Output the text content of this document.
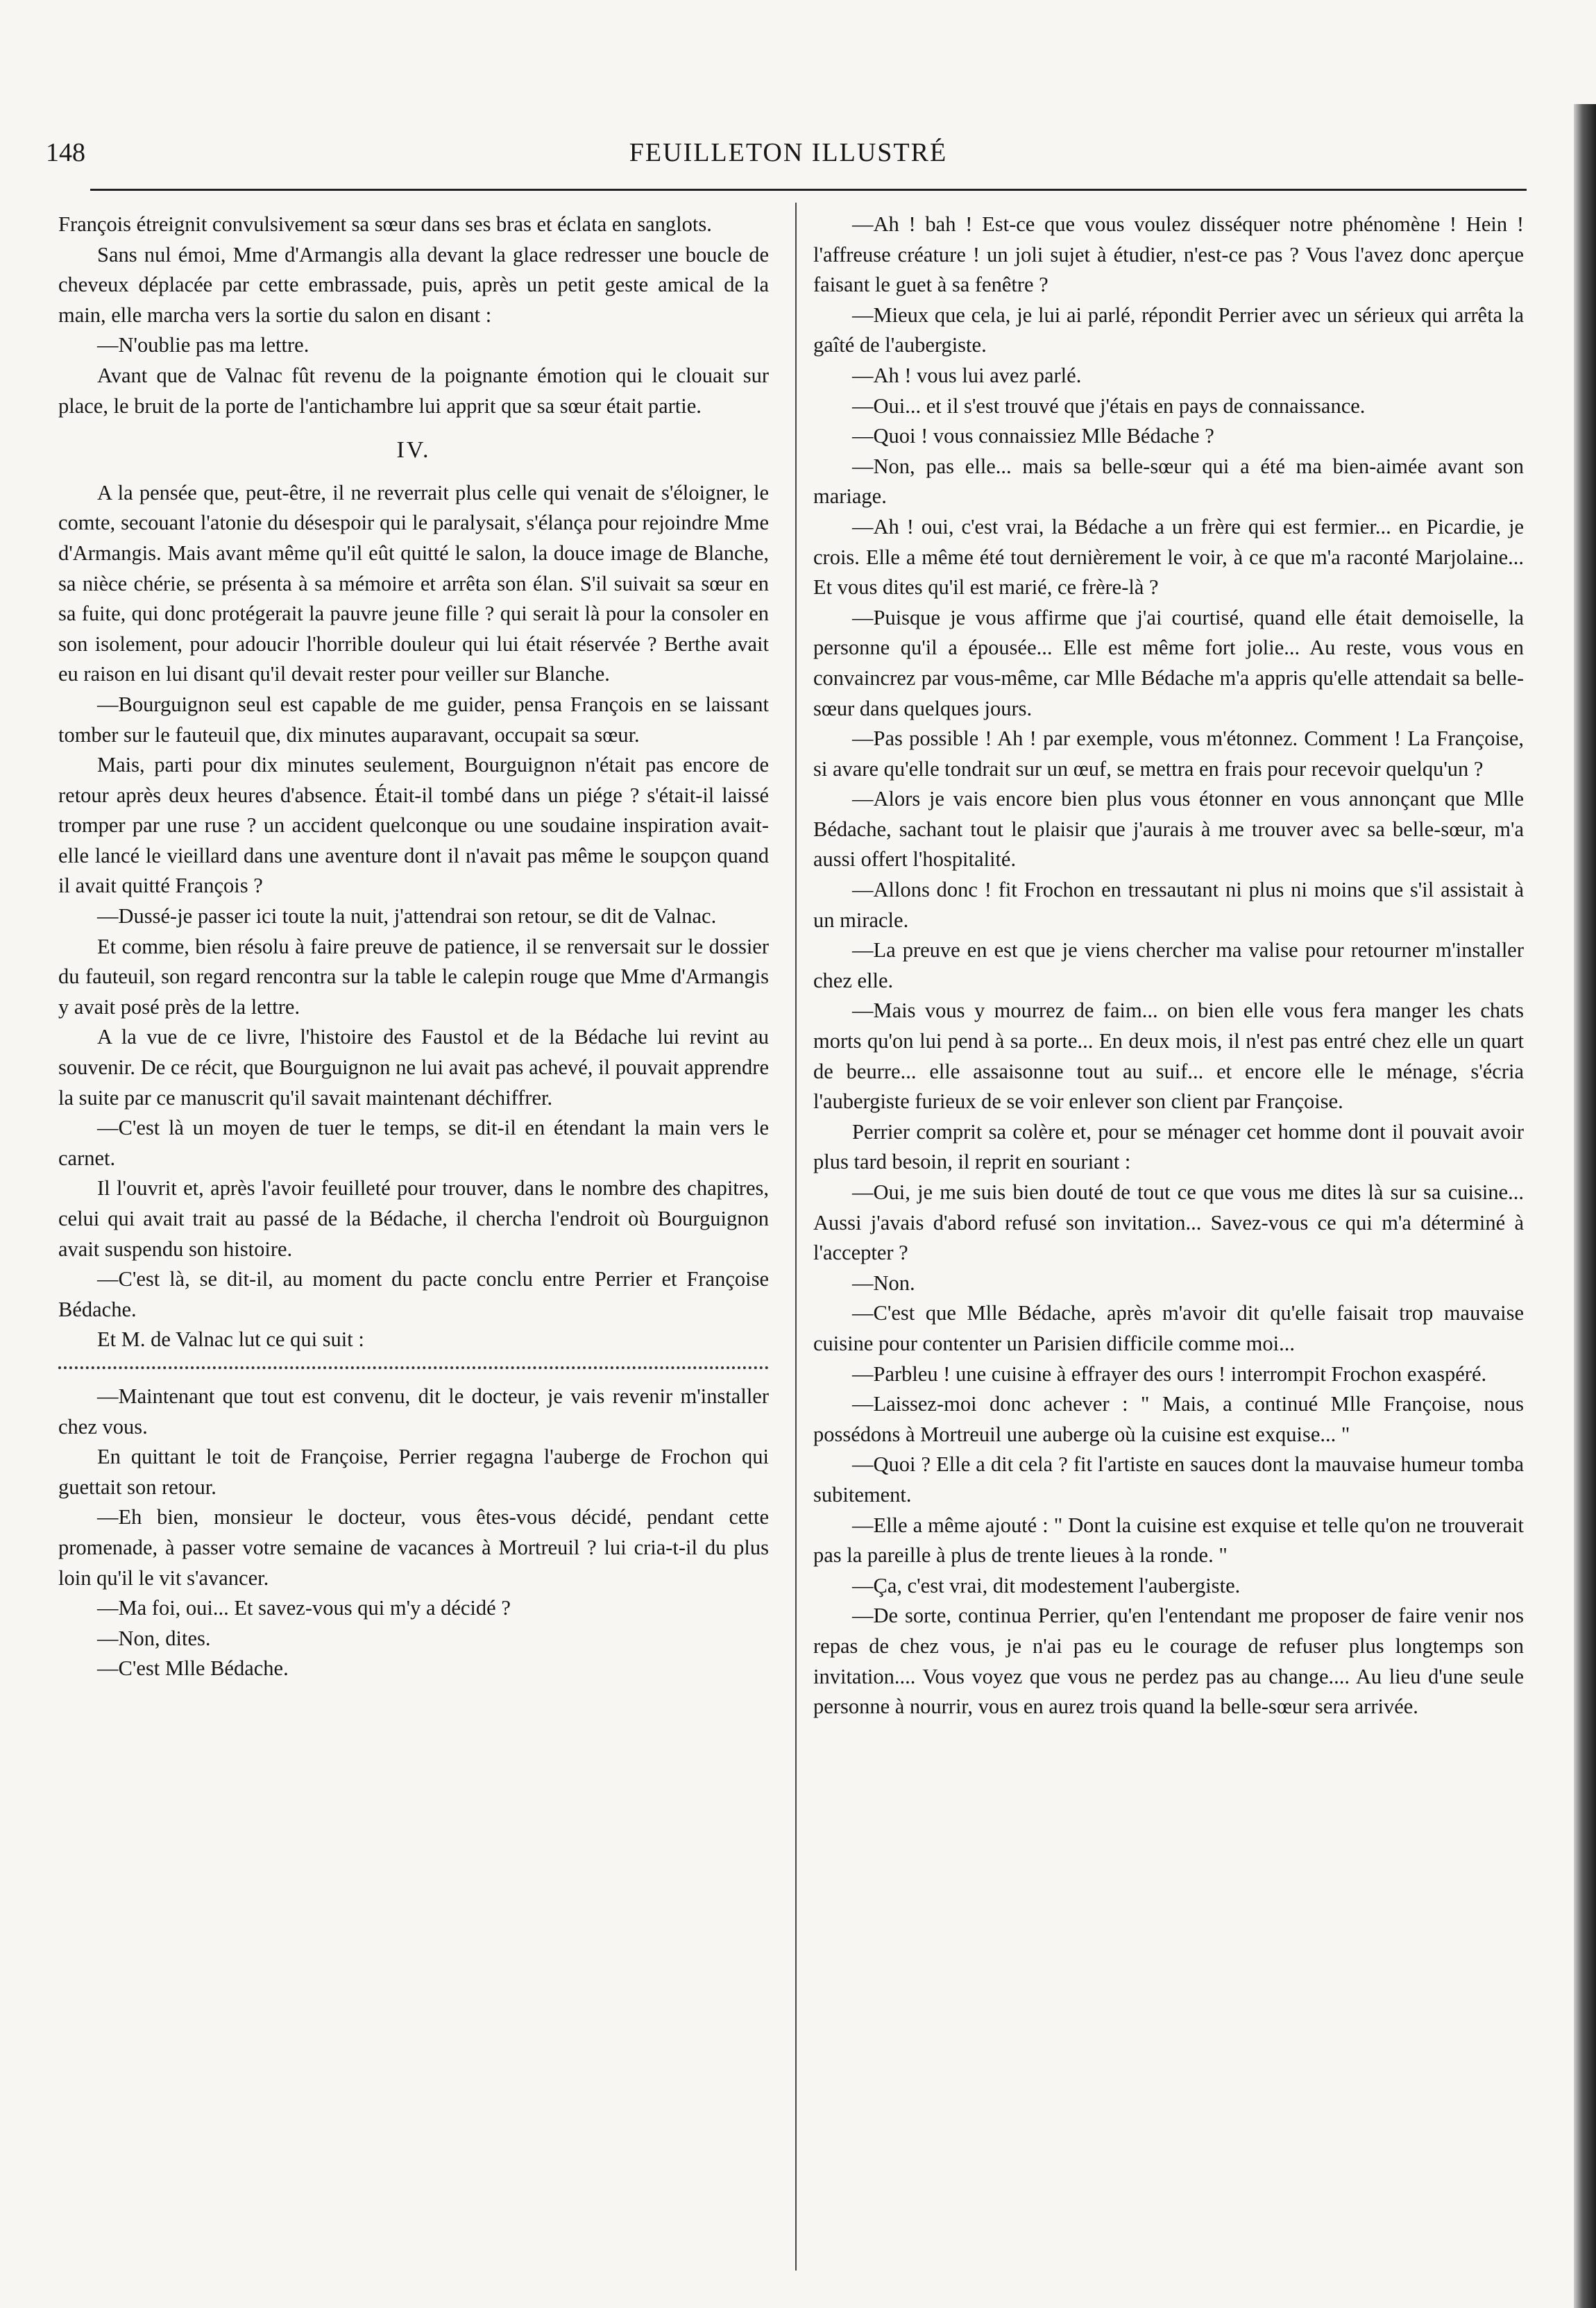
148	FEUILLETON ILLUSTRÉ

François étreignit convulsivement sa sœur dans ses bras et éclata en sanglots.

Sans nul émoi, Mme d'Armangis alla devant la glace redresser une boucle de cheveux déplacée par cette embrassade, puis, après un petit geste amical de la main, elle marcha vers la sortie du salon en disant :

—N'oublie pas ma lettre.

Avant que de Valnac fût revenu de la poignante émotion qui le clouait sur place, le bruit de la porte de l'antichambre lui apprit que sa sœur était partie.

IV.

A la pensée que, peut-être, il ne reverrait plus celle qui venait de s'éloigner, le comte, secouant l'atonie du désespoir qui le paralysait, s'élança pour rejoindre Mme d'Armangis. Mais avant même qu'il eût quitté le salon, la douce image de Blanche, sa nièce chérie, se présenta à sa mémoire et arrêta son élan. S'il suivait sa sœur en sa fuite, qui donc protégerait la pauvre jeune fille ? qui serait là pour la consoler en son isolement, pour adoucir l'horrible douleur qui lui était réservée ? Berthe avait eu raison en lui disant qu'il devait rester pour veiller sur Blanche.

—Bourguignon seul est capable de me guider, pensa François en se laissant tomber sur le fauteuil que, dix minutes auparavant, occupait sa sœur.

Mais, parti pour dix minutes seulement, Bourguignon n'était pas encore de retour après deux heures d'absence. Était-il tombé dans un piége ? s'était-il laissé tromper par une ruse ? un accident quelconque ou une soudaine inspiration avait-elle lancé le vieillard dans une aventure dont il n'avait pas même le soupçon quand il avait quitté François ?

—Dussé-je passer ici toute la nuit, j'attendrai son retour, se dit de Valnac.

Et comme, bien résolu à faire preuve de patience, il se renversait sur le dossier du fauteuil, son regard rencontra sur la table le calepin rouge que Mme d'Armangis y avait posé près de la lettre.

A la vue de ce livre, l'histoire des Faustol et de la Bédache lui revint au souvenir. De ce récit, que Bourguignon ne lui avait pas achevé, il pouvait apprendre la suite par ce manuscrit qu'il savait maintenant déchiffrer.

—C'est là un moyen de tuer le temps, se dit-il en étendant la main vers le carnet.

Il l'ouvrit et, après l'avoir feuilleté pour trouver, dans le nombre des chapitres, celui qui avait trait au passé de la Bédache, il chercha l'endroit où Bourguignon avait suspendu son histoire.

—C'est là, se dit-il, au moment du pacte conclu entre Perrier et Françoise Bédache.

Et M. de Valnac lut ce qui suit :

—Maintenant que tout est convenu, dit le docteur, je vais revenir m'installer chez vous.

En quittant le toit de Françoise, Perrier regagna l'auberge de Frochon qui guettait son retour.

—Eh bien, monsieur le docteur, vous êtes-vous décidé, pendant cette promenade, à passer votre semaine de vacances à Mortreuil ? lui cria-t-il du plus loin qu'il le vit s'avancer.

—Ma foi, oui... Et savez-vous qui m'y a décidé ?

—Non, dites.

—C'est Mlle Bédache.

—Ah ! bah ! Est-ce que vous voulez disséquer notre phénomène ! Hein ! l'affreuse créature ! un joli sujet à étudier, n'est-ce pas ? Vous l'avez donc aperçue faisant le guet à sa fenêtre ?

—Mieux que cela, je lui ai parlé, répondit Perrier avec un sérieux qui arrêta la gaîté de l'aubergiste.

—Ah ! vous lui avez parlé.

—Oui... et il s'est trouvé que j'étais en pays de connaissance.

—Quoi ! vous connaissiez Mlle Bédache ?

—Non, pas elle... mais sa belle-sœur qui a été ma bien-aimée avant son mariage.

—Ah ! oui, c'est vrai, la Bédache a un frère qui est fermier... en Picardie, je crois. Elle a même été tout dernièrement le voir, à ce que m'a raconté Marjolaine... Et vous dites qu'il est marié, ce frère-là ?

—Puisque je vous affirme que j'ai courtisé, quand elle était demoiselle, la personne qu'il a épousée... Elle est même fort jolie... Au reste, vous vous en convaincrez par vous-même, car Mlle Bédache m'a appris qu'elle attendait sa belle-sœur dans quelques jours.

—Pas possible ! Ah ! par exemple, vous m'étonnez. Comment ! La Françoise, si avare qu'elle tondrait sur un œuf, se mettra en frais pour recevoir quelqu'un ?

—Alors je vais encore bien plus vous étonner en vous annonçant que Mlle Bédache, sachant tout le plaisir que j'aurais à me trouver avec sa belle-sœur, m'a aussi offert l'hospitalité.

—Allons donc ! fit Frochon en tressautant ni plus ni moins que s'il assistait à un miracle.

—La preuve en est que je viens chercher ma valise pour retourner m'installer chez elle.

—Mais vous y mourrez de faim... on bien elle vous fera manger les chats morts qu'on lui pend à sa porte... En deux mois, il n'est pas entré chez elle un quart de beurre... elle assaisonne tout au suif... et encore elle le ménage, s'écria l'aubergiste furieux de se voir enlever son client par Françoise.

Perrier comprit sa colère et, pour se ménager cet homme dont il pouvait avoir plus tard besoin, il reprit en souriant :

—Oui, je me suis bien douté de tout ce que vous me dites là sur sa cuisine... Aussi j'avais d'abord refusé son invitation... Savez-vous ce qui m'a déterminé à l'accepter ?

—Non.

—C'est que Mlle Bédache, après m'avoir dit qu'elle faisait trop mauvaise cuisine pour contenter un Parisien difficile comme moi...

—Parbleu ! une cuisine à effrayer des ours ! interrompit Frochon exaspéré.

—Laissez-moi donc achever : " Mais, a continué Mlle Françoise, nous possédons à Mortreuil une auberge où la cuisine est exquise... "

—Quoi ? Elle a dit cela ? fit l'artiste en sauces dont la mauvaise humeur tomba subitement.

—Elle a même ajouté : " Dont la cuisine est exquise et telle qu'on ne trouverait pas la pareille à plus de trente lieues à la ronde. "

—Ça, c'est vrai, dit modestement l'aubergiste.

—De sorte, continua Perrier, qu'en l'entendant me proposer de faire venir nos repas de chez vous, je n'ai pas eu le courage de refuser plus longtemps son invitation.... Vous voyez que vous ne perdez pas au change.... Au lieu d'une seule personne à nourrir, vous en aurez trois quand la belle-sœur sera arrivée.
